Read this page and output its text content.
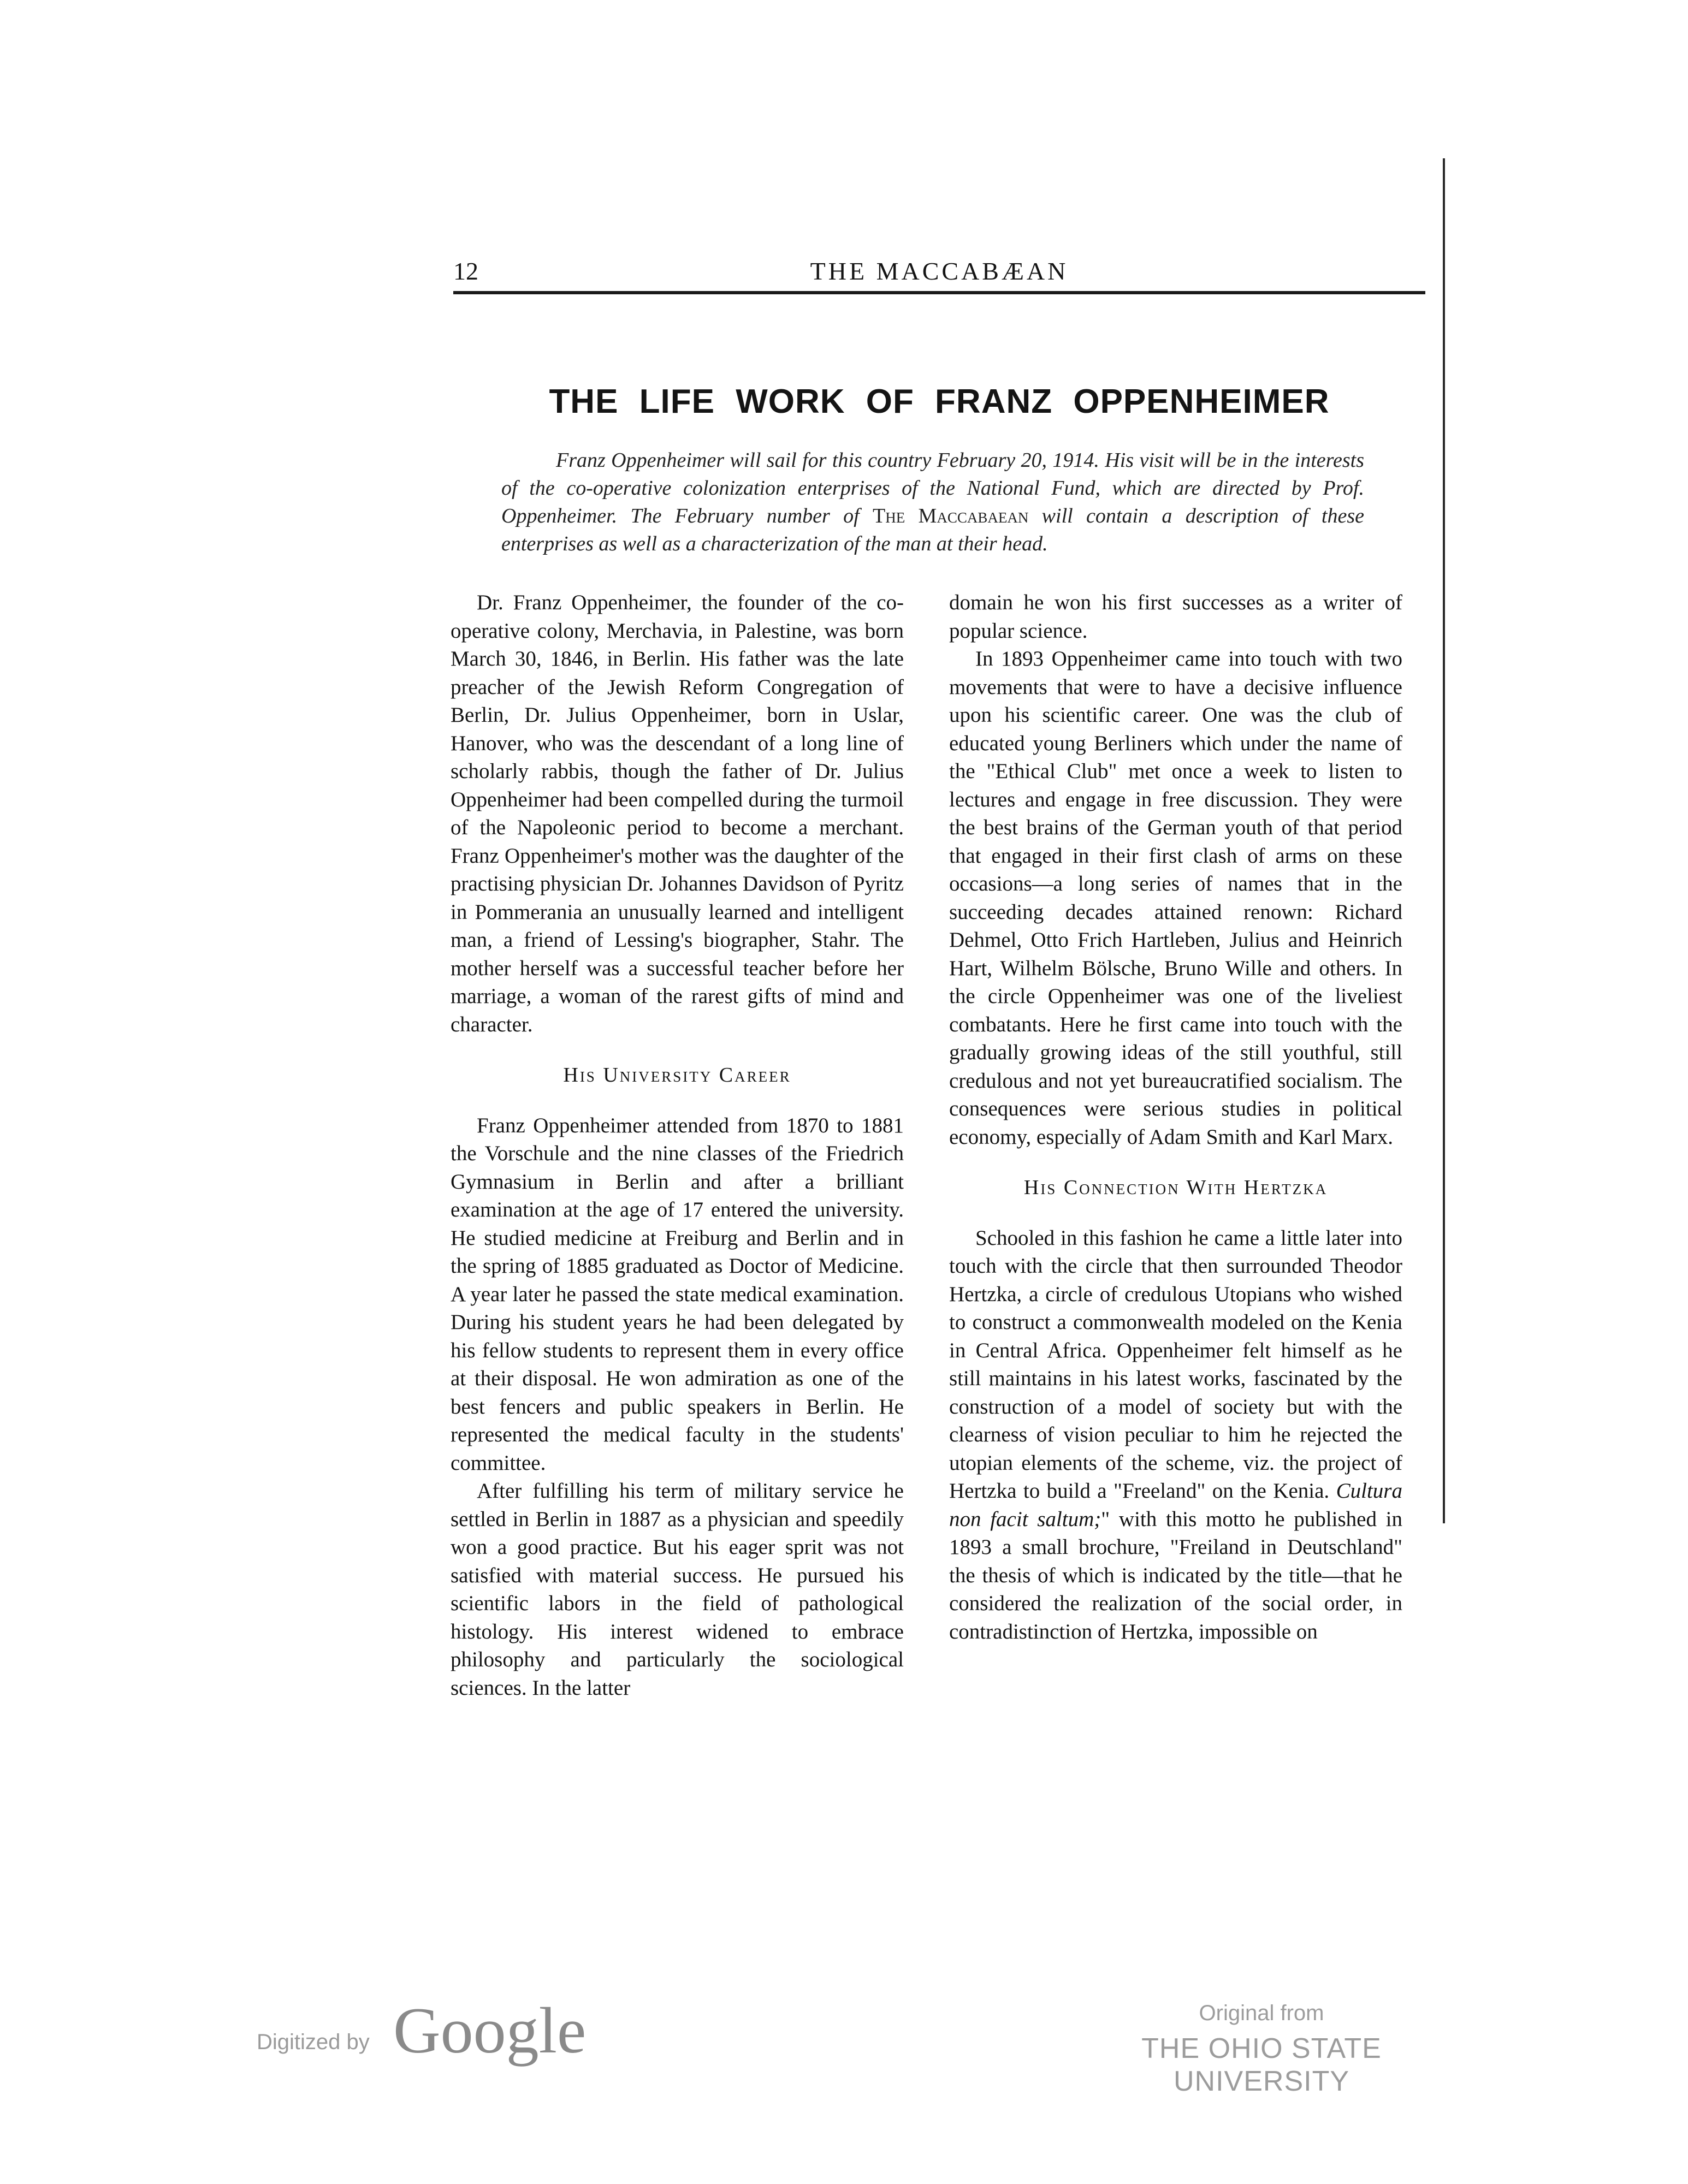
12	THE MACCABÆAN
THE LIFE WORK OF FRANZ OPPENHEIMER
Franz Oppenheimer will sail for this country February 20, 1914. His visit will be in the interests of the co-operative colonization enterprises of the National Fund, which are directed by Prof. Oppenheimer. The February number of The Maccabaean will contain a description of these enterprises as well as a characterization of the man at their head.

Dr. Franz Oppenheimer, the founder of the co-operative colony, Merchavia, in Palestine, was born March 30, 1846, in Berlin. His father was the late preacher of the Jewish Reform Congregation of Berlin, Dr. Julius Oppenheimer, born in Uslar, Hanover, who was the descendant of a long line of scholarly rabbis, though the father of Dr. Julius Oppenheimer had been compelled during the turmoil of the Napoleonic period to become a merchant. Franz Oppenheimer's mother was the daughter of the practising physician Dr. Johannes Davidson of Pyritz in Pommerania an unusually learned and intelligent man, a friend of Lessing's biographer, Stahr. The mother herself was a successful teacher before her marriage, a woman of the rarest gifts of mind and character.

His University Career

Franz Oppenheimer attended from 1870 to 1881 the Vorschule and the nine classes of the Friedrich Gymnasium in Berlin and after a brilliant examination at the age of 17 entered the university. He studied medicine at Freiburg and Berlin and in the spring of 1885 graduated as Doctor of Medicine. A year later he passed the state medical examination. During his student years he had been delegated by his fellow students to represent them in every office at their disposal. He won admiration as one of the best fencers and public speakers in Berlin. He represented the medical faculty in the students' committee.

After fulfilling his term of military service he settled in Berlin in 1887 as a physician and speedily won a good practice. But his eager sprit was not satisfied with material success. He pursued his scientific labors in the field of pathological histology. His interest widened to embrace philosophy and particularly the sociological sciences. In the latter

domain he won his first successes as a writer of popular science.

In 1893 Oppenheimer came into touch with two movements that were to have a decisive influence upon his scientific career. One was the club of educated young Berliners which under the name of the "Ethical Club" met once a week to listen to lectures and engage in free discussion. They were the best brains of the German youth of that period that engaged in their first clash of arms on these occasions—a long series of names that in the succeeding decades attained renown: Richard Dehmel, Otto Frich Hartleben, Julius and Heinrich Hart, Wilhelm Bölsche, Bruno Wille and others. In the circle Oppenheimer was one of the liveliest combatants. Here he first came into touch with the gradually growing ideas of the still youthful, still credulous and not yet bureaucratified socialism. The consequences were serious studies in political economy, especially of Adam Smith and Karl Marx.

His Connection With Hertzka

Schooled in this fashion he came a little later into touch with the circle that then surrounded Theodor Hertzka, a circle of credulous Utopians who wished to construct a commonwealth modeled on the Kenia in Central Africa. Oppenheimer felt himself as he still maintains in his latest works, fascinated by the construction of a model of society but with the clearness of vision peculiar to him he rejected the utopian elements of the scheme, viz. the project of Hertzka to build a "Freeland" on the Kenia. Cultura non facit saltum;" with this motto he published in 1893 a small brochure, "Freiland in Deutschland" the thesis of which is indicated by the title—that he considered the realization of the social order, in contradistinction of Hertzka, impossible on

Digitized by Google	Original from
THE OHIO STATE UNIVERSITY
